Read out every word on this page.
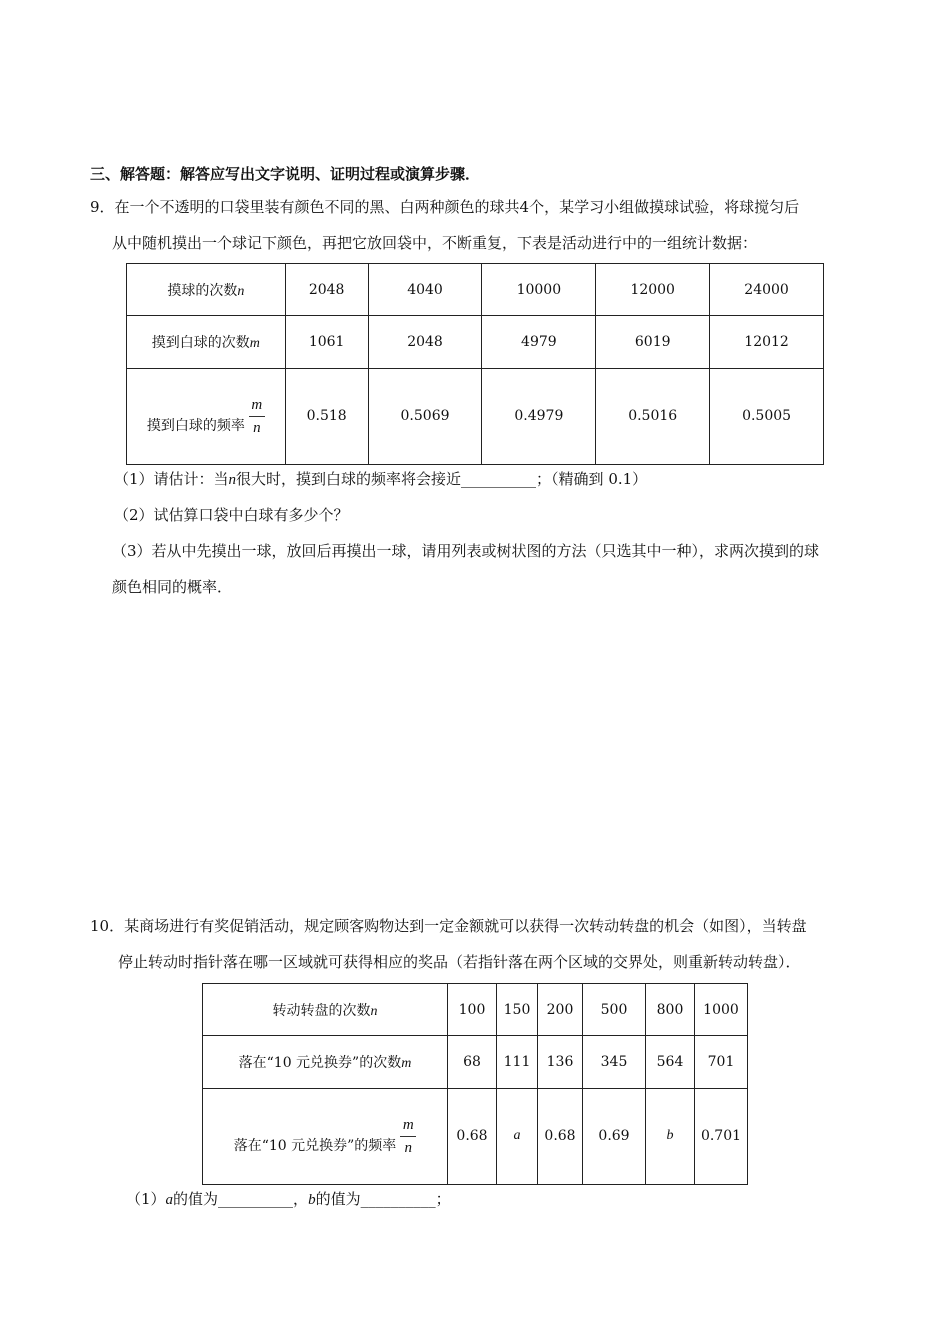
三、解答题：解答应写出文字说明、证明过程或演算步骤．
9．在一个不透明的口袋里装有颜色不同的黑、白两种颜色的球共4个，某学习小组做摸球试验，将球搅匀后
从中随机摸出一个球记下颜色，再把它放回袋中，不断重复，下表是活动进行中的一组统计数据：
摸球的次数n	2048	4040	10000	12000	24000
摸到白球的次数m	1061	2048	4979	6019	12012

摸到白球的频率 $\frac{m}{n}$	0.518	0.5069	0.4979	0.5016	0.5005
（1）请估计：当n很大时，摸到白球的频率将会接近__________；（精确到 0.1）
（2）试估算口袋中白球有多少个？
（3）若从中先摸出一球，放回后再摸出一球，请用列表或树状图的方法（只选其中一种），求两次摸到的球
颜色相同的概率．
10．某商场进行有奖促销活动，规定顾客购物达到一定金额就可以获得一次转动转盘的机会（如图），当转盘
停止转动时指针落在哪一区域就可获得相应的奖品（若指针落在两个区域的交界处，则重新转动转盘）．
转动转盘的次数n	100	150	200	500	800	1000
落在“10 元兑换券”的次数m	68	111	136	345	564	701

落在“10 元兑换券”的频率 $\frac{m}{n}$	0.68	a	0.68	0.69	b	0.701
（1）a的值为__________，b的值为__________；
